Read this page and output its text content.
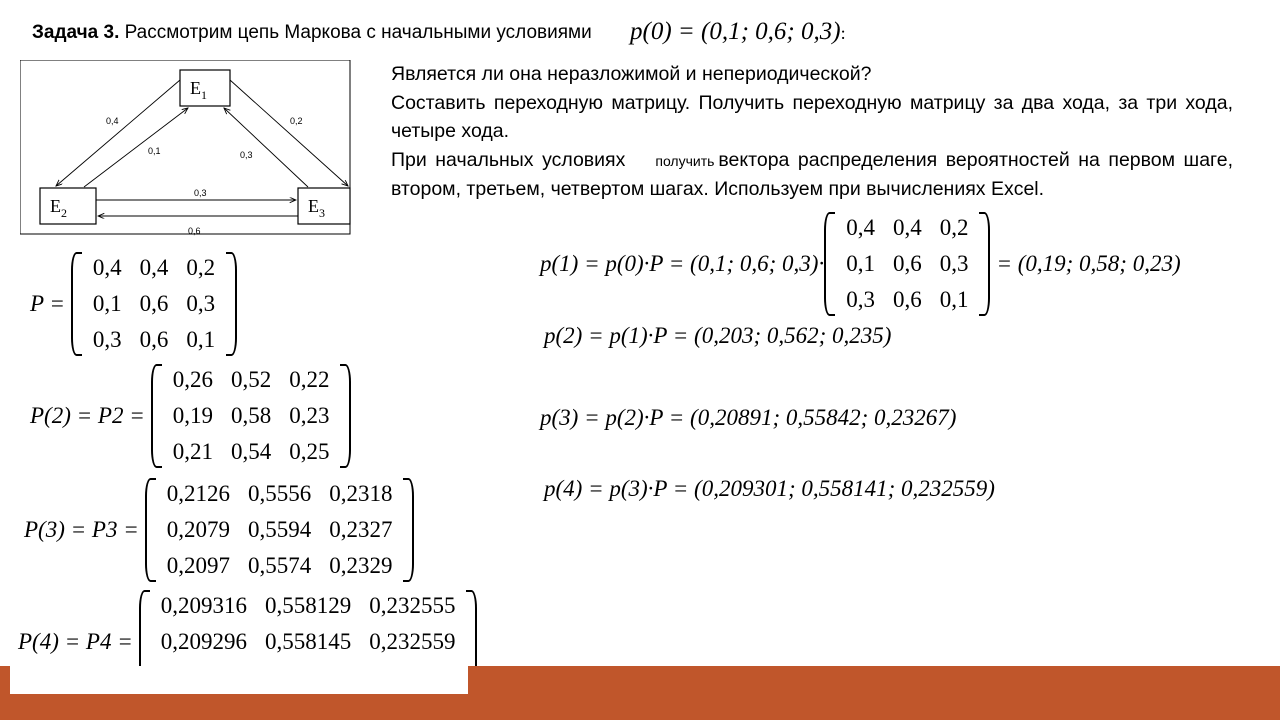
Задача 3. Рассмотрим цепь Маркова с начальными условиями p(0) = (0,1; 0,6; 0,3):

Является ли она неразложимой и непериодической?

Составить переходную матрицу. Получить переходную матрицу за два хода, за три хода, четыре хода.

При начальных условиях получить вектора распределения вероятностей на первом шаге, втором, третьем, четвертом шагах. Используем при вычислениях Excel.

$E_1$
$E_2$	$E_3$
0,4
0,1
0,2
0,3
0,3
0,6
P =
0,4	0,4	0,2
0,1	0,6	0,3
0,3	0,6	0,1
P(2) = P2 =
0,26	0,52	0,22
0,19	0,58	0,23
0,21	0,54	0,25
P(3) = P3 =
0,2126	0,5556	0,2318
0,2079	0,5594	0,2327
0,2097	0,5574	0,2329
P(4) = P4 =
0,209316	0,558129	0,232555
0,209296	0,558145	0,232559

p(1) = p(0)·P = (0,1; 0,6; 0,3)·
0,4	0,4	0,2
0,1	0,6	0,3
0,3	0,6	0,1
= (0,19; 0,58; 0,23)
p(2) = p(1)·P = (0,203; 0,562; 0,235)
p(3) = p(2)·P = (0,20891; 0,55842; 0,23267)
p(4) = p(3)·P = (0,209301; 0,558141; 0,232559)
